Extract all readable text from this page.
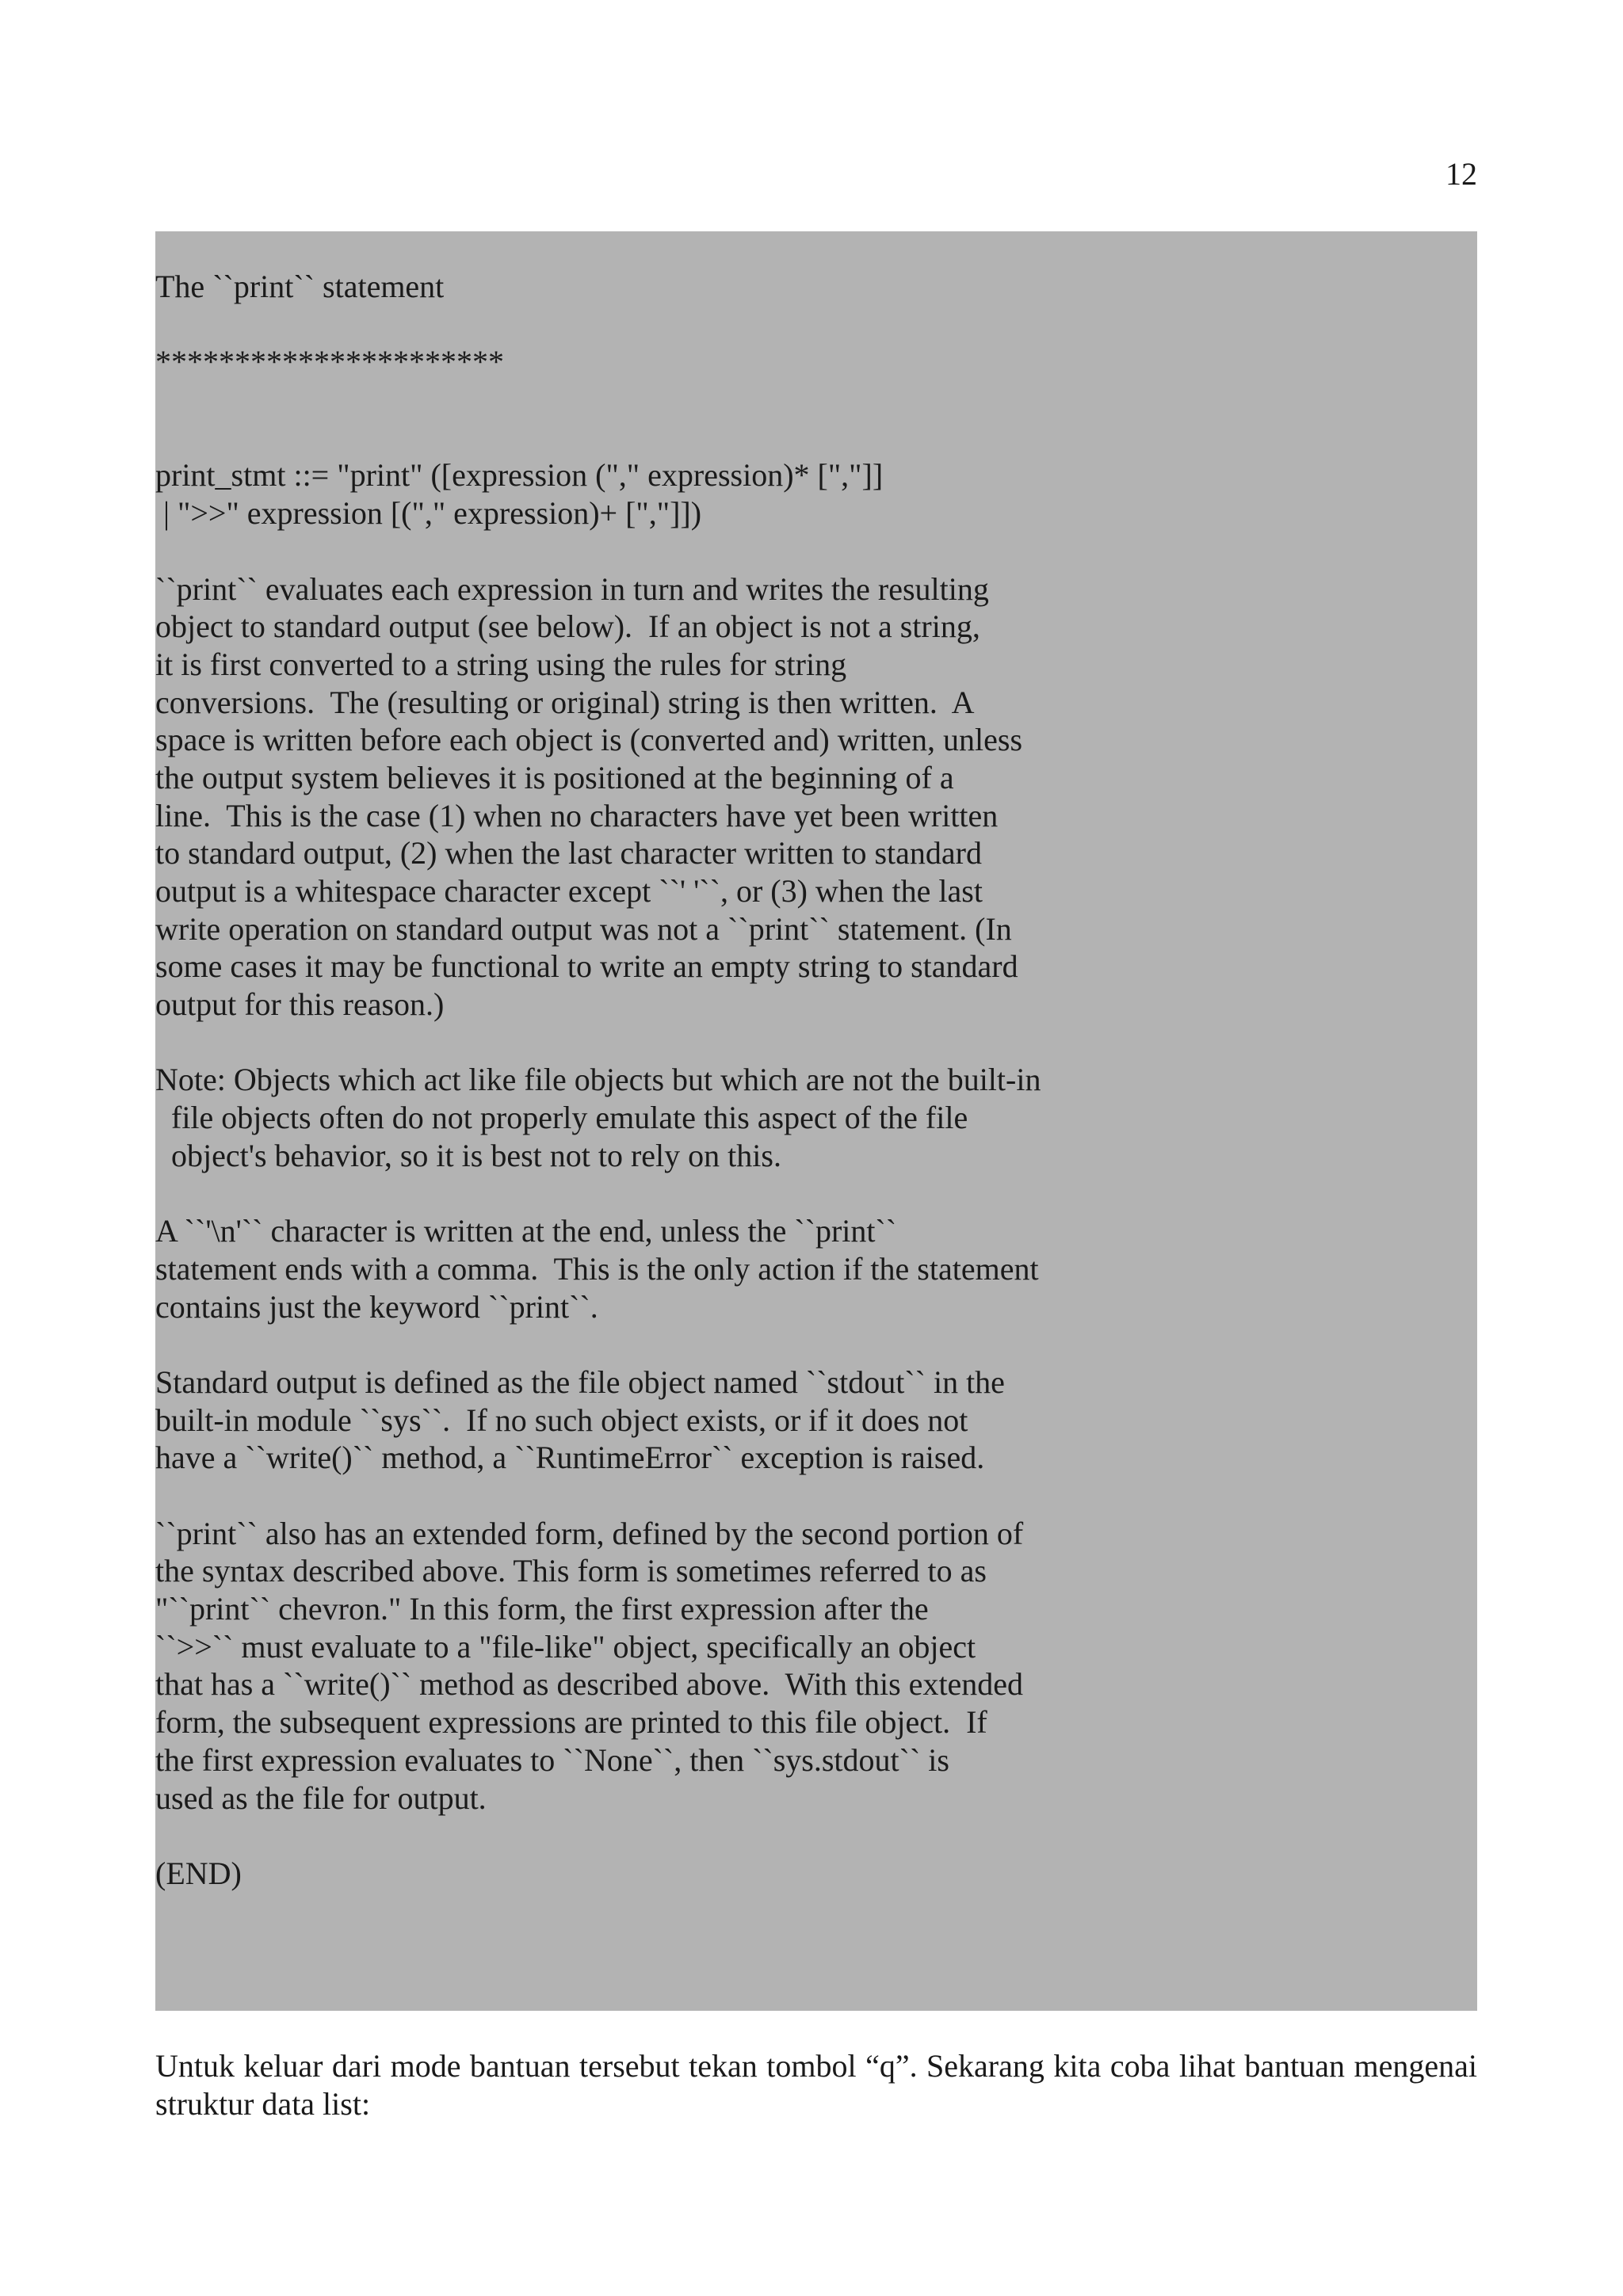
12
The ``print`` statement
**********************
print_stmt ::= "print" ([expression ("," expression)* [","]]
| ">>" expression [("," expression)+ [","]])
``print`` evaluates each expression in turn and writes the resulting
object to standard output (see below).  If an object is not a string,
it is first converted to a string using the rules for string
conversions.  The (resulting or original) string is then written.  A
space is written before each object is (converted and) written, unless
the output system believes it is positioned at the beginning of a
line.  This is the case (1) when no characters have yet been written
to standard output, (2) when the last character written to standard
output is a whitespace character except ``' '``, or (3) when the last
write operation on standard output was not a ``print`` statement. (In
some cases it may be functional to write an empty string to standard
output for this reason.)
Note: Objects which act like file objects but which are not the built-in
file objects often do not properly emulate this aspect of the file
object's behavior, so it is best not to rely on this.
A ``'\n'`` character is written at the end, unless the ``print``
statement ends with a comma.  This is the only action if the statement
contains just the keyword ``print``.
Standard output is defined as the file object named ``stdout`` in the
built-in module ``sys``.  If no such object exists, or if it does not
have a ``write()`` method, a ``RuntimeError`` exception is raised.
``print`` also has an extended form, defined by the second portion of
the syntax described above. This form is sometimes referred to as
"``print`` chevron." In this form, the first expression after the
``>>`` must evaluate to a "file-like" object, specifically an object
that has a ``write()`` method as described above.  With this extended
form, the subsequent expressions are printed to this file object.  If
the first expression evaluates to ``None``, then ``sys.stdout`` is
used as the file for output.
(END)

Untuk keluar dari mode bantuan tersebut tekan tombol “q”. Sekarang kita coba lihat bantuan mengenai struktur data list:
